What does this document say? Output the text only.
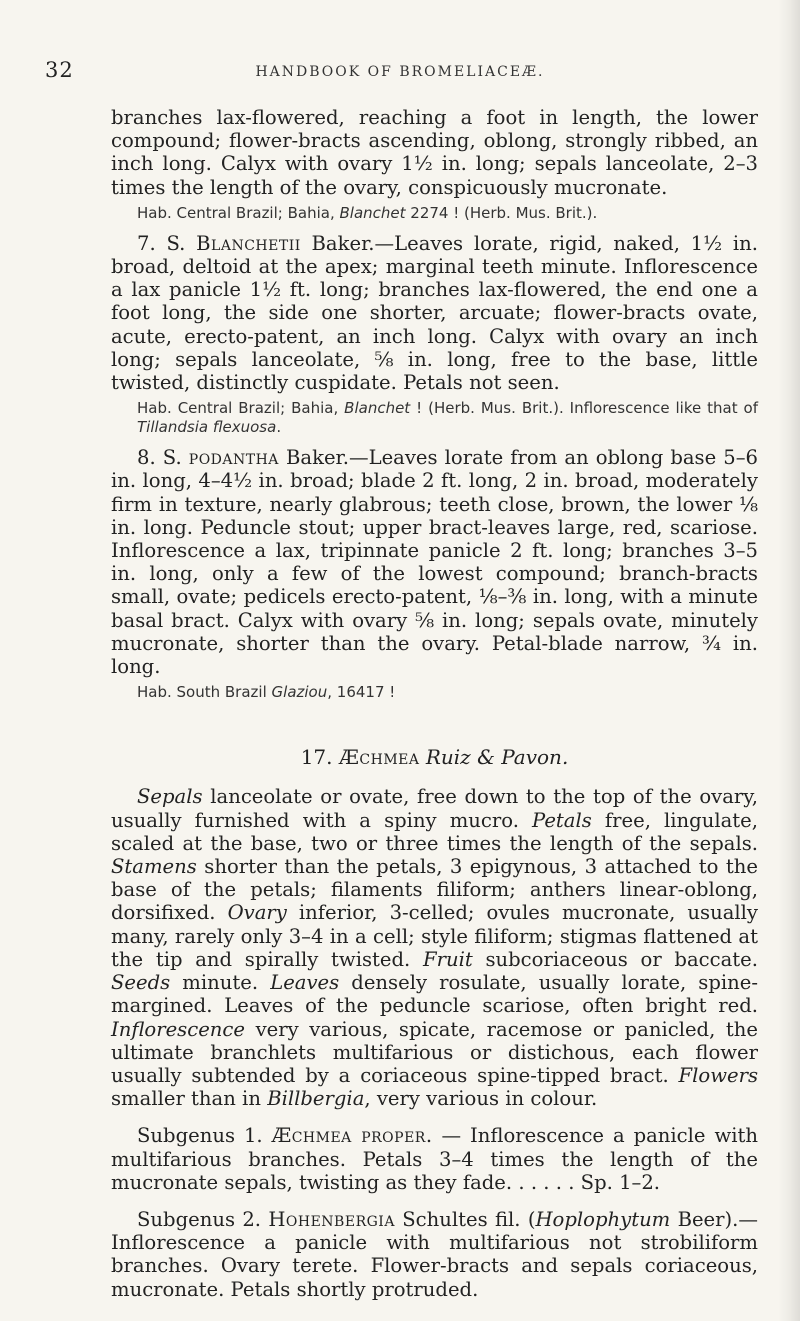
32	HANDBOOK OF BROMELIACEÆ.

branches lax-flowered, reaching a foot in length, the lower compound; flower-bracts ascending, oblong, strongly ribbed, an inch long. Calyx with ovary 1½ in. long; sepals lanceolate, 2–3 times the length of the ovary, conspicuously mucronate.

Hab. Central Brazil; Bahia, Blanchet 2274 ! (Herb. Mus. Brit.).

7. S. Blanchetii Baker.—Leaves lorate, rigid, naked, 1½ in. broad, deltoid at the apex; marginal teeth minute. Inflorescence a lax panicle 1½ ft. long; branches lax-flowered, the end one a foot long, the side one shorter, arcuate; flower-bracts ovate, acute, erecto-patent, an inch long. Calyx with ovary an inch long; sepals lanceolate, ⅝ in. long, free to the base, little twisted, distinctly cuspidate. Petals not seen.

Hab. Central Brazil; Bahia, Blanchet ! (Herb. Mus. Brit.). Inflorescence like that of Tillandsia flexuosa.

8. S. podantha Baker.—Leaves lorate from an oblong base 5–6 in. long, 4–4½ in. broad; blade 2 ft. long, 2 in. broad, moderately firm in texture, nearly glabrous; teeth close, brown, the lower ⅛ in. long. Peduncle stout; upper bract-leaves large, red, scariose. Inflorescence a lax, tripinnate panicle 2 ft. long; branches 3–5 in. long, only a few of the lowest compound; branch-bracts small, ovate; pedicels erecto-patent, ⅛–⅜ in. long, with a minute basal bract. Calyx with ovary ⅝ in. long; sepals ovate, minutely mucronate, shorter than the ovary. Petal-blade narrow, ¾ in. long.

Hab. South Brazil Glaziou, 16417 !

17. Æchmea Ruiz & Pavon.

Sepals lanceolate or ovate, free down to the top of the ovary, usually furnished with a spiny mucro. Petals free, lingulate, scaled at the base, two or three times the length of the sepals. Stamens shorter than the petals, 3 epigynous, 3 attached to the base of the petals; filaments filiform; anthers linear-oblong, dorsifixed. Ovary inferior, 3-celled; ovules mucronate, usually many, rarely only 3–4 in a cell; style filiform; stigmas flattened at the tip and spirally twisted. Fruit subcoriaceous or baccate. Seeds minute. Leaves densely rosulate, usually lorate, spine-margined. Leaves of the peduncle scariose, often bright red. Inflorescence very various, spicate, racemose or panicled, the ultimate branchlets multifarious or distichous, each flower usually subtended by a coriaceous spine-tipped bract. Flowers smaller than in Billbergia, very various in colour.

Subgenus 1. Æchmea proper. — Inflorescence a panicle with multifarious branches. Petals 3–4 times the length of the mucronate sepals, twisting as they fade. . . . . . Sp. 1–2.

Subgenus 2. Hohenbergia Schultes fil. (Hoplophytum Beer).— Inflorescence a panicle with multifarious not strobiliform branches. Ovary terete. Flower-bracts and sepals coriaceous, mucronate. Petals shortly protruded.
